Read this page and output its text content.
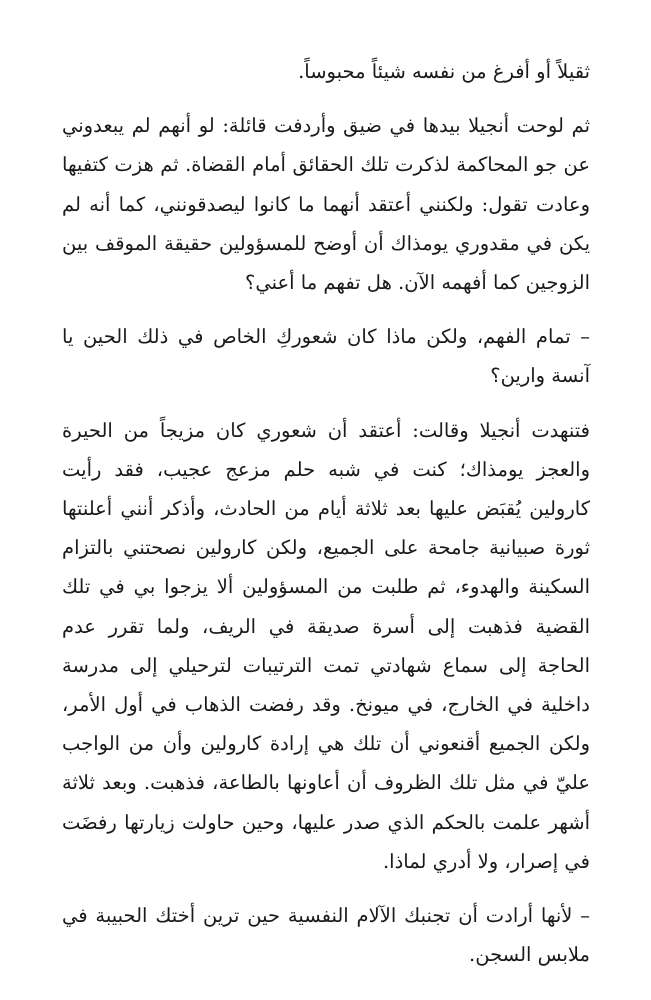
ثقيلاً أو أفرغ من نفسه شيئاً محبوساً.

ثم لوحت أنجيلا بيدها في ضيق وأردفت قائلة: لو أنهم لم يبعدوني عن جو المحاكمة لذكرت تلك الحقائق أمام القضاة. ثم هزت كتفيها وعادت تقول: ولكنني أعتقد أنهما ما كانوا ليصدقونني، كما أنه لم يكن في مقدوري يومذاك أن أوضح للمسؤولين حقيقة الموقف بين الزوجين كما أفهمه الآن. هل تفهم ما أعني؟

– تمام الفهم، ولكن ماذا كان شعوركِ الخاص في ذلك الحين يا آنسة وارين؟

فتنهدت أنجيلا وقالت: أعتقد أن شعوري كان مزيجاً من الحيرة والعجز يومذاك؛ كنت في شبه حلم مزعج عجيب، فقد رأيت كارولين يُقبَض عليها بعد ثلاثة أيام من الحادث، وأذكر أنني أعلنتها ثورة صبيانية جامحة على الجميع، ولكن كارولين نصحتني بالتزام السكينة والهدوء، ثم طلبت من المسؤولين ألا يزجوا بي في تلك القضية فذهبت إلى أسرة صديقة في الريف، ولما تقرر عدم الحاجة إلى سماع شهادتي تمت الترتيبات لترحيلي إلى مدرسة داخلية في الخارج، في ميونخ. وقد رفضت الذهاب في أول الأمر، ولكن الجميع أقنعوني أن تلك هي إرادة كارولين وأن من الواجب عليّ في مثل تلك الظروف أن أعاونها بالطاعة، فذهبت. وبعد ثلاثة أشهر علمت بالحكم الذي صدر عليها، وحين حاولت زيارتها رفضَت في إصرار، ولا أدري لماذا.

– لأنها أرادت أن تجنبك الآلام النفسية حين ترين أختك الحبيبة في ملابس السجن.
